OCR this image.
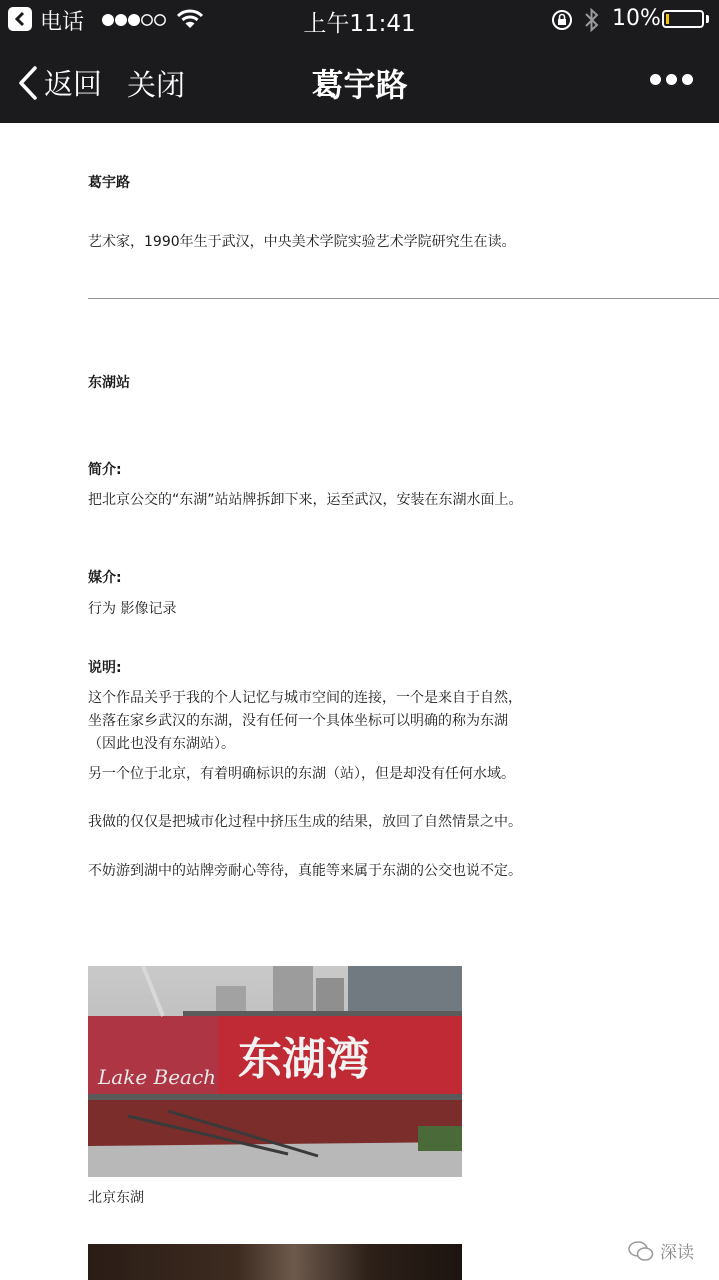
电话	上午11:41	10%
返回 关闭	葛宇路
葛宇路
艺术家，1990年生于武汉，中央美术学院实验艺术学院研究生在读。
东湖站
简介:
把北京公交的“东湖”站站牌拆卸下来，运至武汉，安装在东湖水面上。
媒介:
行为 影像记录
说明:
这个作品关乎于我的个人记忆与城市空间的连接，一个是来自于自然，坐落在家乡武汉的东湖，没有任何一个具体坐标可以明确的称为东湖（因此也没有东湖站）。
另一个位于北京，有着明确标识的东湖（站），但是却没有任何水域。
我做的仅仅是把城市化过程中挤压生成的结果，放回了自然情景之中。
不妨游到湖中的站牌旁耐心等待，真能等来属于东湖的公交也说不定。
东湖湾
Lake Beach
北京东湖
深读
